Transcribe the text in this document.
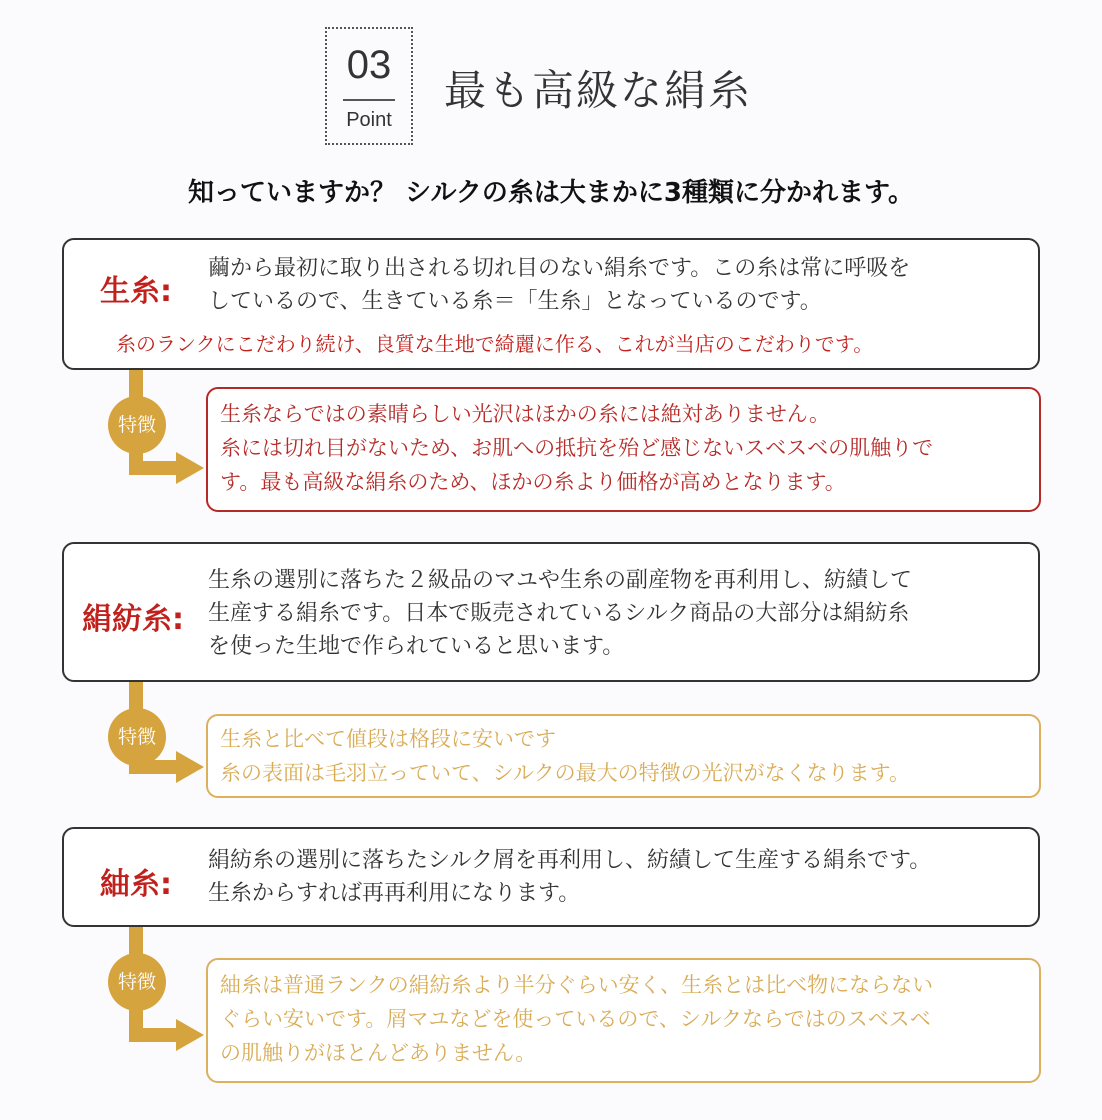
03
Point
最も高級な絹糸
知っていますか？ シルクの糸は大まかに3種類に分かれます。
生糸:
繭から最初に取り出される切れ目のない絹糸です。この糸は常に呼吸を
しているので、生きている糸＝「生糸」となっているのです。
糸のランクにこだわり続け、良質な生地で綺麗に作る、これが当店のこだわりです。
特徴	生糸ならではの素晴らしい光沢はほかの糸には絶対ありません。
糸には切れ目がないため、お肌への抵抗を殆ど感じないスベスベの肌触りで
す。最も高級な絹糸のため、ほかの糸より価格が高めとなります。
絹紡糸:
生糸の選別に落ちた２級品のマユや生糸の副産物を再利用し、紡績して
生産する絹糸です。日本で販売されているシルク商品の大部分は絹紡糸
を使った生地で作られていると思います。
特徴	生糸と比べて値段は格段に安いです
糸の表面は毛羽立っていて、シルクの最大の特徴の光沢がなくなります。
紬糸:
絹紡糸の選別に落ちたシルク屑を再利用し、紡績して生産する絹糸です。
生糸からすれば再再利用になります。
特徴	紬糸は普通ランクの絹紡糸より半分ぐらい安く、生糸とは比べ物にならない
ぐらい安いです。屑マユなどを使っているので、シルクならではのスベスベ
の肌触りがほとんどありません。
